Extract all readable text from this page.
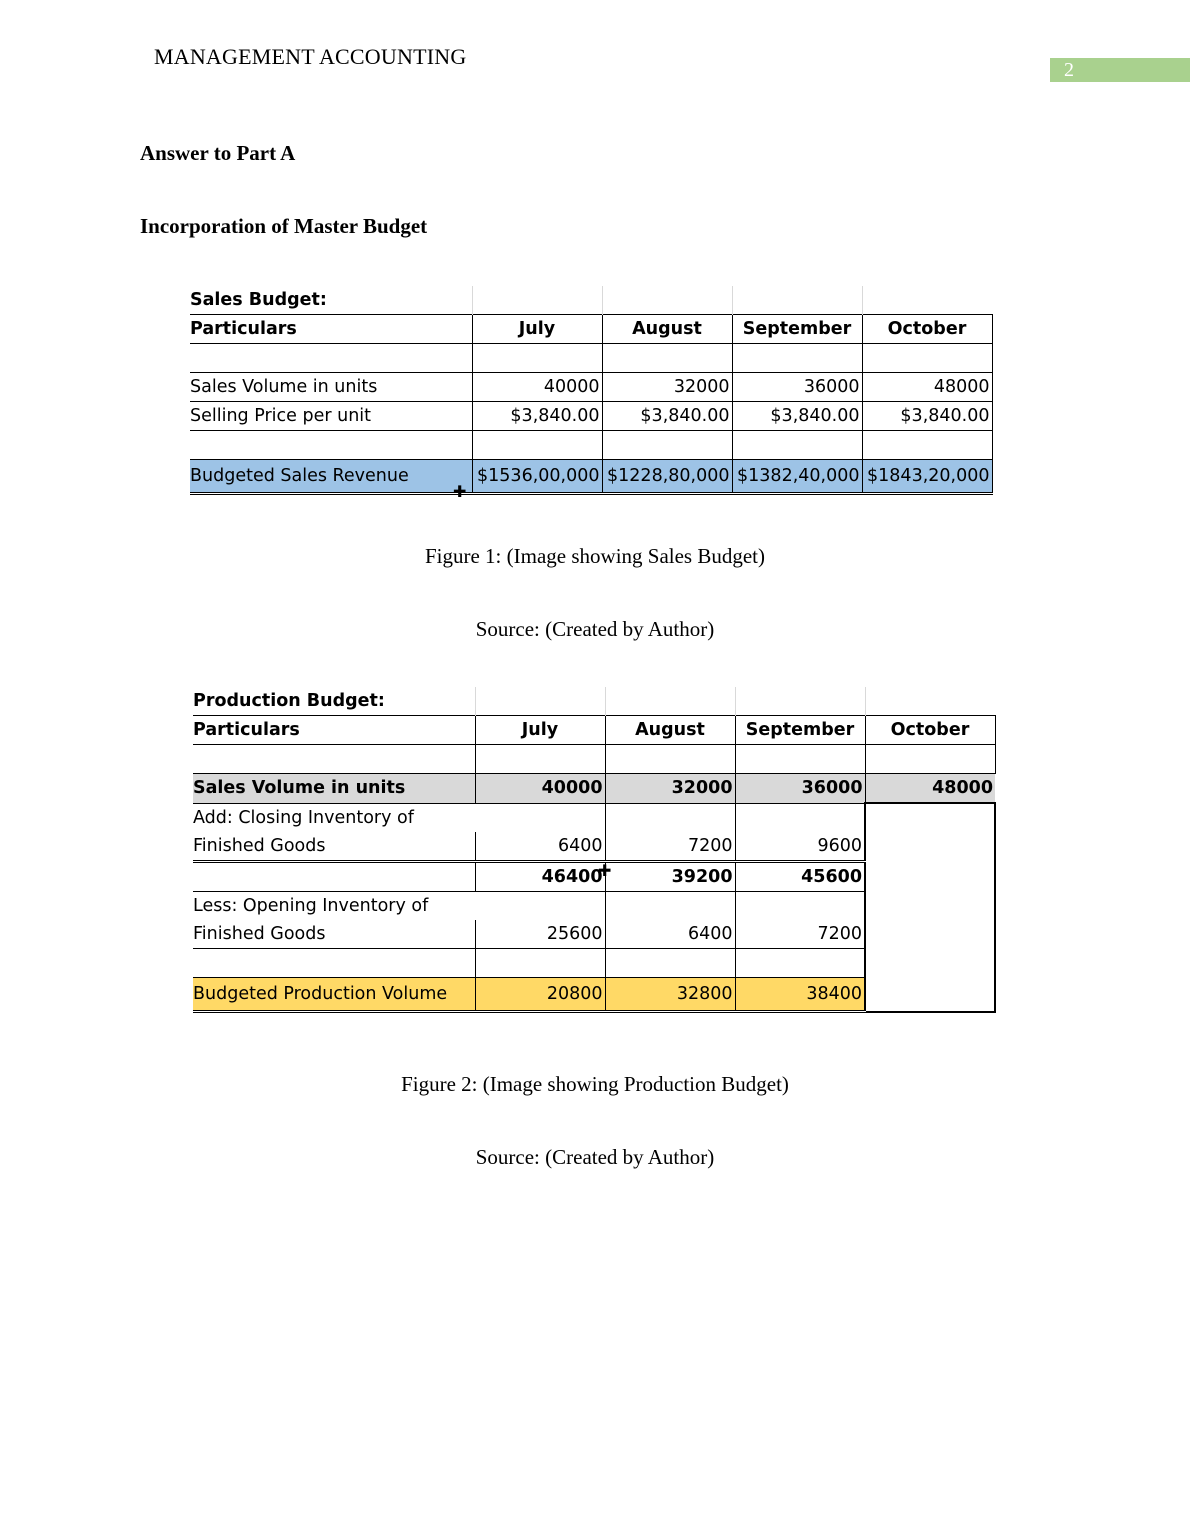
MANAGEMENT ACCOUNTING
2
Answer to Part A
Incorporation of Master Budget
Sales Budget:				
Particulars	July	August	September	October

Sales Volume in units	40000	32000	36000	48000
Selling Price per unit	$3,840.00	$3,840.00	$3,840.00	$3,840.00

Budgeted Sales Revenue	$1536,00,000	$1228,80,000	$1382,40,000	$1843,20,000
✚
Figure 1: (Image showing Sales Budget)
Source: (Created by Author)
Production Budget:				
Particulars	July	August	September	October

Sales Volume in units	40000	32000	36000	48000
Add: Closing Inventory of				
Finished Goods	6400	7200	9600	
	46400	39200	45600	
Less: Opening Inventory of				
Finished Goods	25600	6400	7200	

Budgeted Production Volume	20800	32800	38400	
✚
Figure 2: (Image showing Production Budget)
Source: (Created by Author)
